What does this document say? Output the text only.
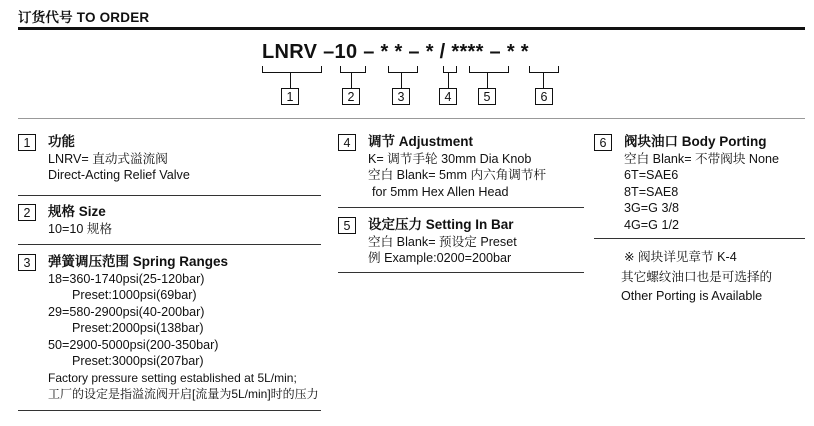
订货代号 TO ORDER
LNRV –10 – * * – * / **** – * *
1	2	3	4	5	6
1	功能
LNRV= 直动式溢流阀
Direct-Acting Relief Valve
2	规格 Size
10=10 规格
3	弹簧调压范围 Spring Ranges
18=360-1740psi(25-120bar)
Preset:1000psi(69bar)
29=580-2900psi(40-200bar)
Preset:2000psi(138bar)
50=2900-5000psi(200-350bar)
Preset:3000psi(207bar)
Factory pressure setting established at 5L/min;
工厂的设定是指溢流阀开启[流量为5L/min]时的压力
4	调节 Adjustment
K= 调节手轮 30mm Dia Knob
空白 Blank= 5mm 内六角调节杆
for 5mm Hex Allen Head
5	设定压力 Setting In Bar
空白 Blank= 预设定 Preset
例 Example:0200=200bar
6	阀块油口 Body Porting
空白 Blank= 不带阀块 None
6T=SAE6
8T=SAE8
3G=G 3/8
4G=G 1/2
※ 阀块详见章节 K-4
其它螺纹油口也是可选择的
Other Porting is Available
